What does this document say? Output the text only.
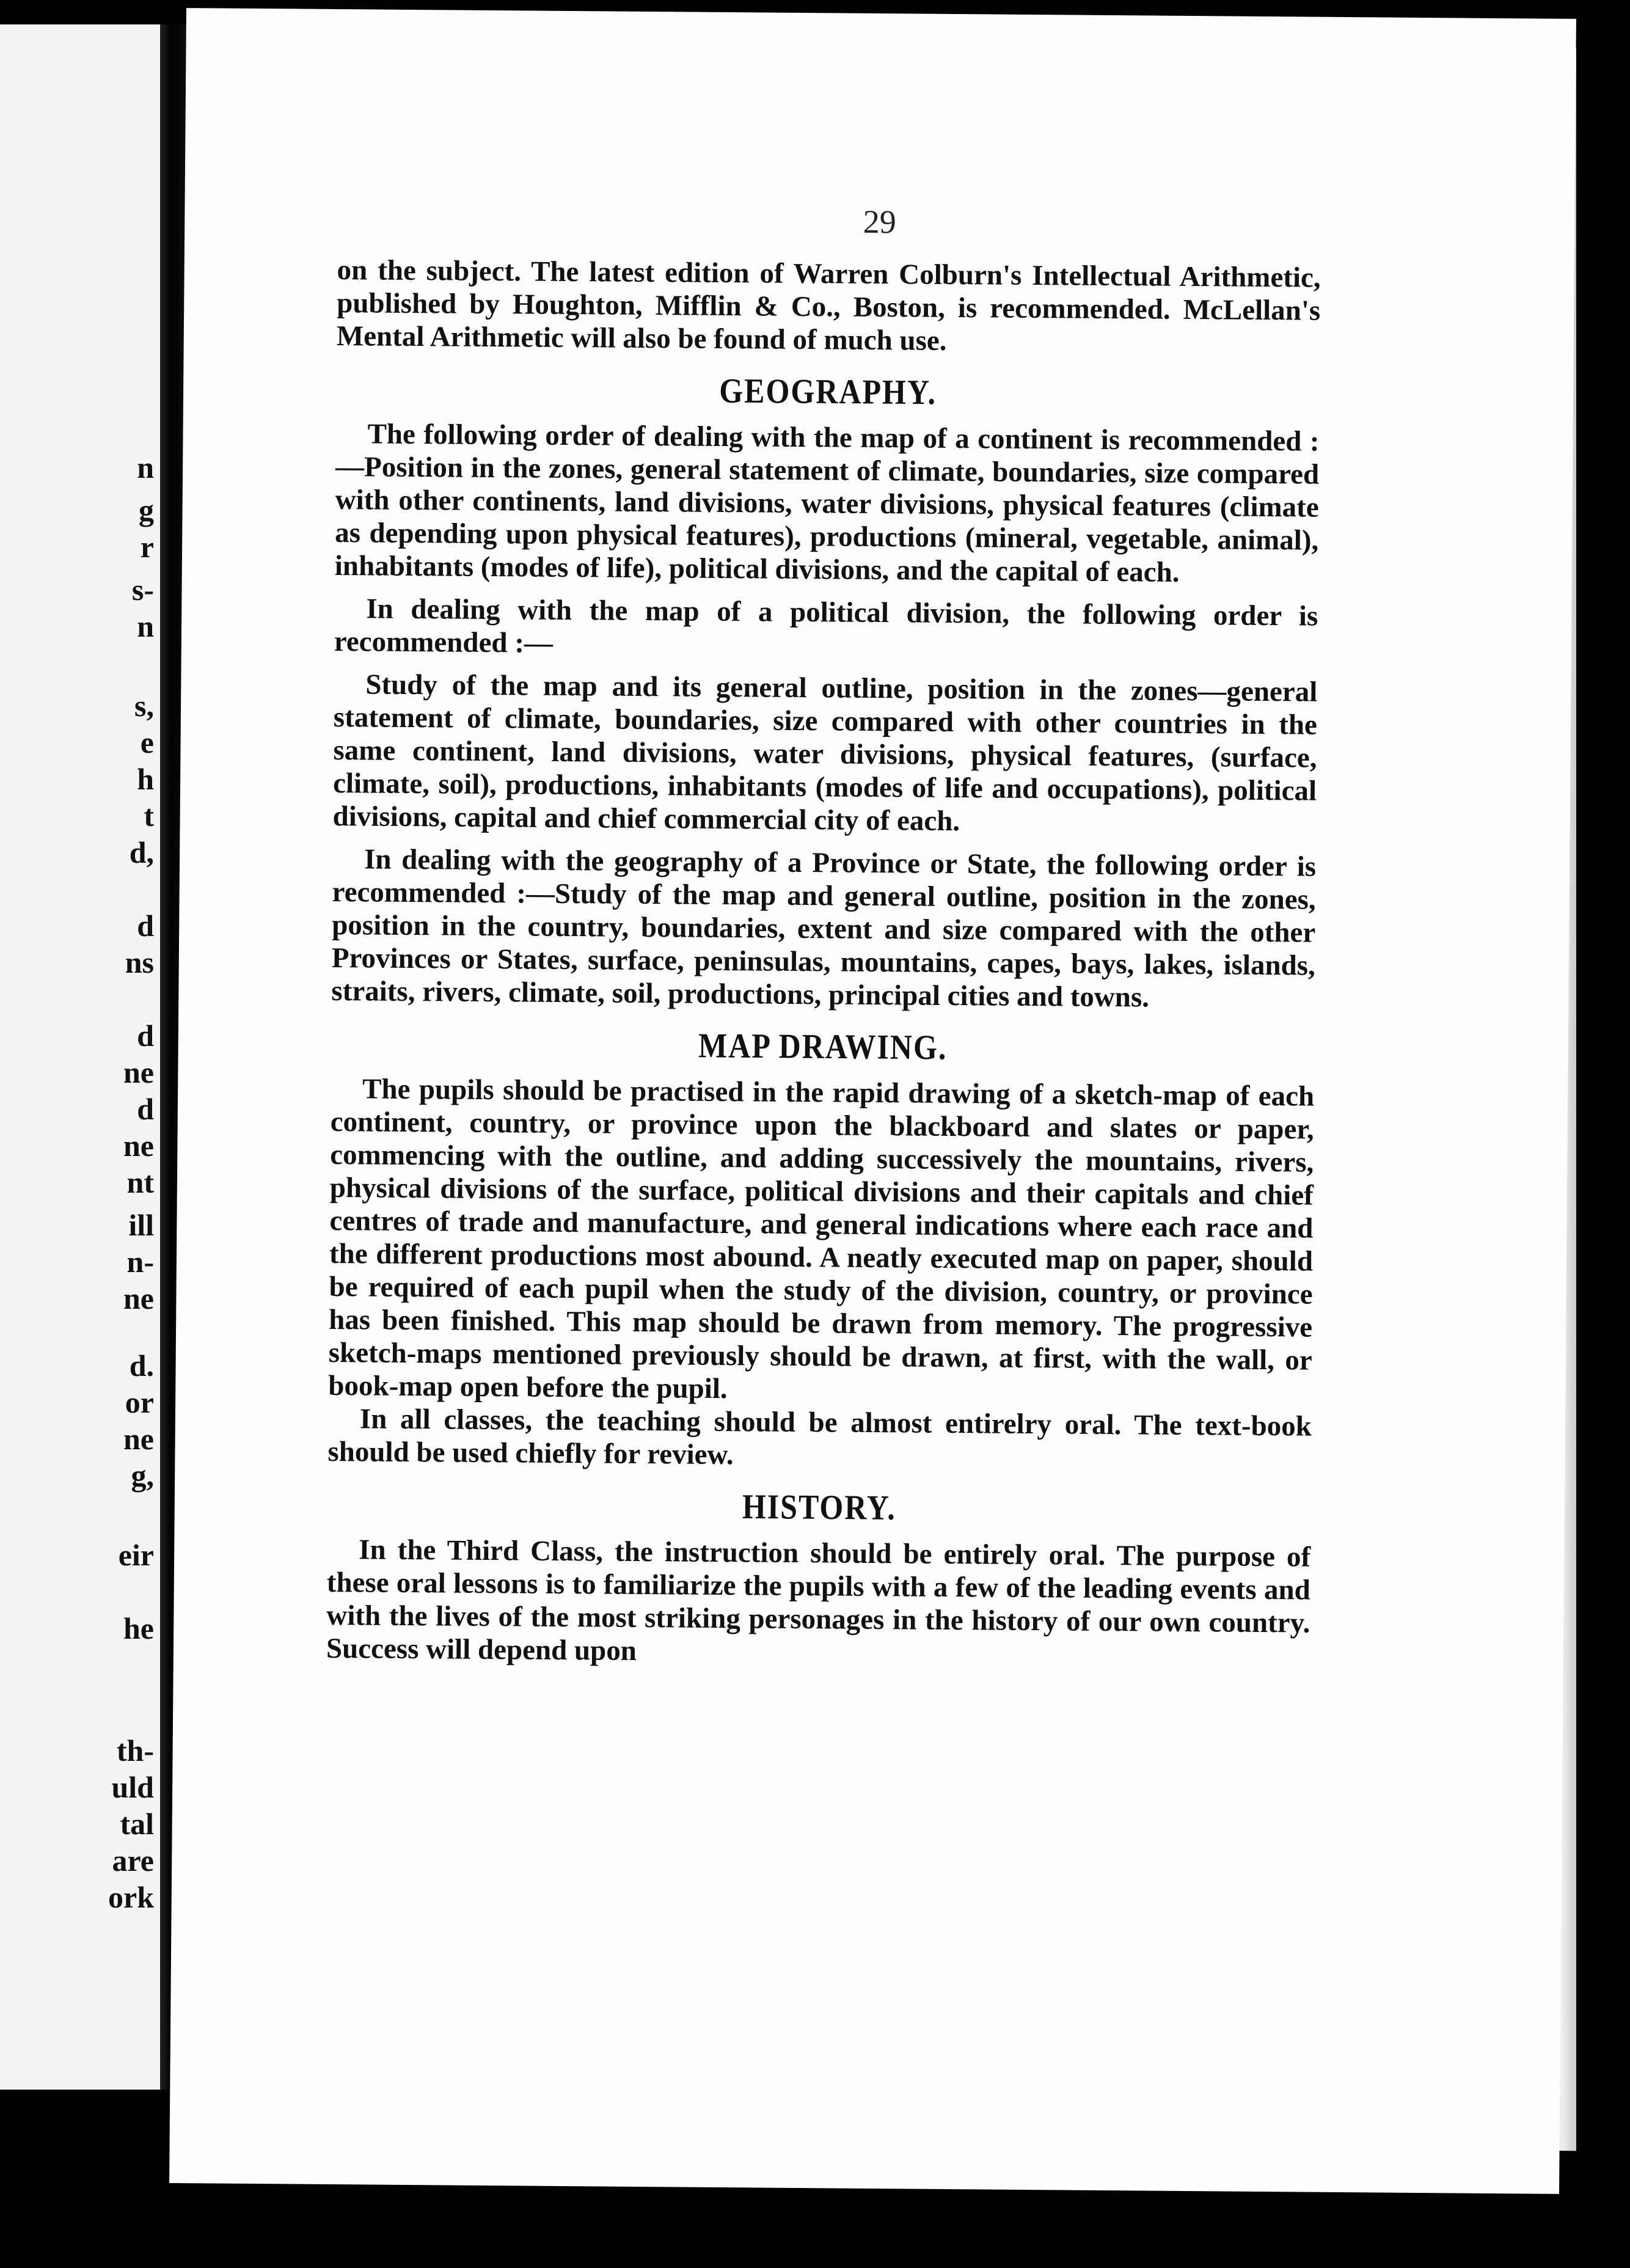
n
g
r
s-
n
s,
e
h
t
d,
d
ns
d
ne
d
ne
nt
ill
n-
ne
d.
or
ne
g,
eir
he
th-
uld
tal
are
ork
29

on the subject. The latest edition of Warren Colburn's Intellectual Arithmetic, published by Houghton, Mifflin & Co., Boston, is recommended. McLellan's Mental Arithmetic will also be found of much use.

GEOGRAPHY.

The following order of dealing with the map of a continent is recommended :—Position in the zones, general statement of climate, boundaries, size compared with other continents, land divisions, water divisions, physical features (climate as depending upon physical features), productions (mineral, vegetable, animal), inhabitants (modes of life), political divisions, and the capital of each.

In dealing with the map of a political division, the following order is recommended :—

Study of the map and its general outline, position in the zones—general statement of climate, boundaries, size compared with other countries in the same continent, land divisions, water divisions, physical features, (surface, climate, soil), productions, inhabitants (modes of life and occupations), political divisions, capital and chief commercial city of each.

In dealing with the geography of a Province or State, the following order is recommended :—Study of the map and general outline, position in the zones, position in the country, boundaries, extent and size compared with the other Provinces or States, surface, peninsulas, mountains, capes, bays, lakes, islands, straits, rivers, climate, soil, productions, principal cities and towns.

MAP DRAWING.

The pupils should be practised in the rapid drawing of a sketch-map of each continent, country, or province upon the blackboard and slates or paper, commencing with the outline, and adding successively the mountains, rivers, physical divisions of the surface, political divisions and their capitals and chief centres of trade and manufacture, and general indications where each race and the different productions most abound. A neatly executed map on paper, should be required of each pupil when the study of the division, country, or province has been finished. This map should be drawn from memory. The progressive sketch-maps mentioned previously should be drawn, at first, with the wall, or book-map open before the pupil.

In all classes, the teaching should be almost entirelry oral. The text-book should be used chiefly for review.

HISTORY.

In the Third Class, the instruction should be entirely oral. The purpose of these oral lessons is to familiarize the pupils with a few of the leading events and with the lives of the most striking personages in the history of our own country. Success will depend upon
